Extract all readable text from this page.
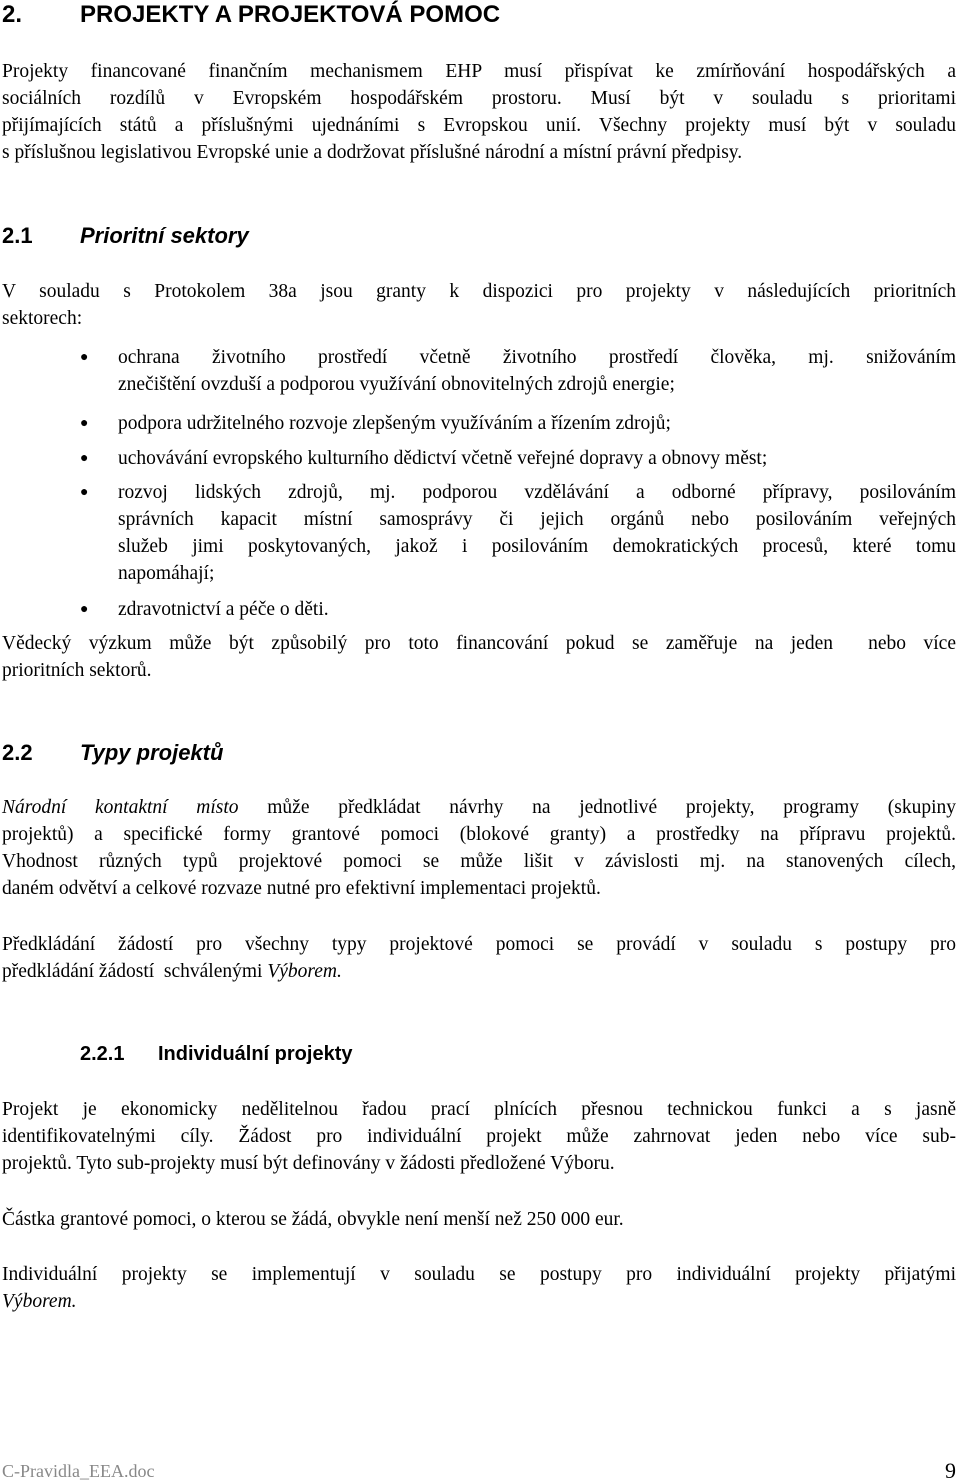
2. PROJEKTY A PROJEKTOVÁ POMOC
Projekty financované finančním mechanismem EHP musí přispívat ke zmírňování hospodářských a
sociálních rozdílů v Evropském hospodářském prostoru. Musí být v souladu s prioritami
přijímajících států a příslušnými ujednáními s Evropskou unií. Všechny projekty musí být v souladu
s příslušnou legislativou Evropské unie a dodržovat příslušné národní a místní právní předpisy.
2.1 Prioritní sektory
V souladu s Protokolem 38a jsou granty k dispozici pro projekty v následujících prioritních
sektorech:
● ochrana životního prostředí včetně životního prostředí člověka, mj. snižováním
znečištění ovzduší a podporou využívání obnovitelných zdrojů energie;
● podpora udržitelného rozvoje zlepšeným využíváním a řízením zdrojů;
● uchovávání evropského kulturního dědictví včetně veřejné dopravy a obnovy měst;
● rozvoj lidských zdrojů, mj. podporou vzdělávání a odborné přípravy, posilováním
správních kapacit místní samosprávy či jejich orgánů nebo posilováním veřejných
služeb jimi poskytovaných, jakož i posilováním demokratických procesů, které tomu
napomáhají;
● zdravotnictví a péče o děti.
Vědecký výzkum může být způsobilý pro toto financování pokud se zaměřuje na jeden  nebo více
prioritních sektorů.
2.2 Typy projektů
Národní kontaktní místo může předkládat návrhy na jednotlivé projekty, programy (skupiny
projektů) a specifické formy grantové pomoci (blokové granty) a prostředky na přípravu projektů.
Vhodnost různých typů projektové pomoci se může lišit v závislosti mj. na stanovených cílech,
daném odvětví a celkové rozvaze nutné pro efektivní implementaci projektů.
Předkládání žádostí pro všechny typy projektové pomoci se provádí v souladu s postupy pro
předkládání žádostí  schválenými Výborem.
2.2.1 Individuální projekty
Projekt je ekonomicky nedělitelnou řadou prací plnících přesnou technickou funkci a s jasně
identifikovatelnými cíly. Žádost pro individuální projekt může zahrnovat jeden nebo více sub-
projektů. Tyto sub-projekty musí být definovány v žádosti předložené Výboru.
Částka grantové pomoci, o kterou se žádá, obvykle není menší než 250 000 eur.
Individuální projekty se implementují v souladu se postupy pro individuální projekty přijatými
Výborem.
C-Pravidla_EEA.doc	9
